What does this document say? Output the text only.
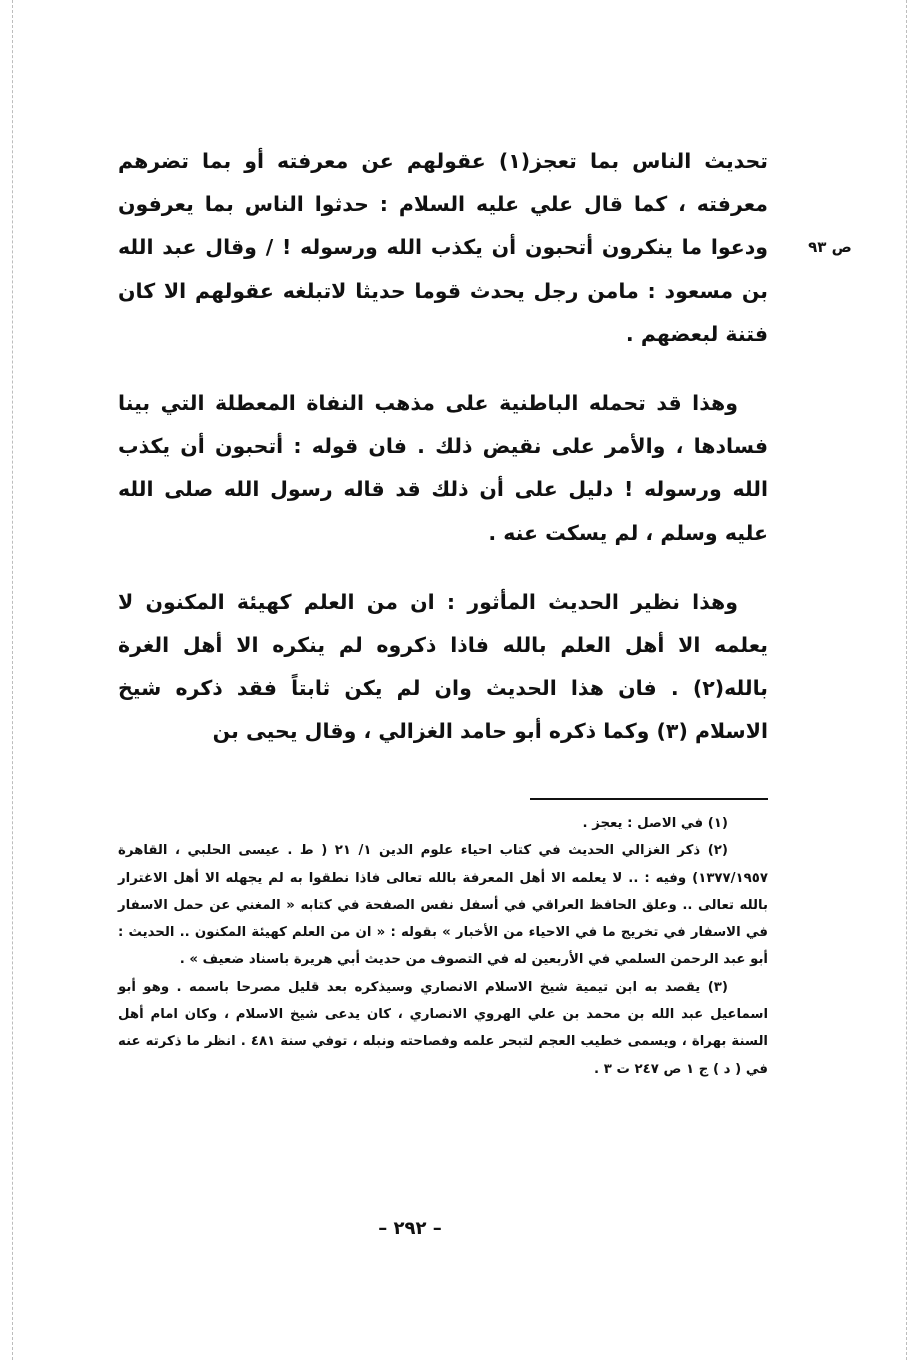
ص ٩٣

تحديث الناس بما تعجز(١) عقولهم عن معرفته أو بما تضرهم معرفته ، كما قال علي عليه السلام : حدثوا الناس بما يعرفون ودعوا ما ينكرون أتحبون أن يكذب الله ورسوله ! / وقال عبد الله بن مسعود : مامن رجل يحدث قوما حديثا لاتبلغه عقولهم الا كان فتنة لبعضهم .

وهذا قد تحمله الباطنية على مذهب النفاة المعطلة التي بينا فسادها ، والأمر على نقيض ذلك . فان قوله : أتحبون أن يكذب الله ورسوله ! دليل على أن ذلك قد قاله رسول الله صلى الله عليه وسلم ، لم يسكت عنه .

وهذا نظير الحديث المأثور : ان من العلم كهيئة المكنون لا يعلمه الا أهل العلم بالله فاذا ذكروه لم ينكره الا أهل الغرة بالله(٢) . فان هذا الحديث وان لم يكن ثابتاً فقد ذكره شيخ الاسلام (٣) وكما ذكره أبو حامد الغزالي ، وقال يحيى بن

(١) في الاصل : يعجز .

(٢) ذكر الغزالي الحديث في كتاب احياء علوم الدين ١/ ٢١ ( ط . عيسى الحلبي ، القاهرة ١٣٧٧/١٩٥٧) وفيه : .. لا يعلمه الا أهل المعرفة بالله تعالى فاذا نطقوا به لم يجهله الا أهل الاغترار بالله تعالى .. وعلق الحافظ العراقي في أسفل نفس الصفحة في كتابه « المغني عن حمل الاسفار في الاسفار في تخريج ما في الاحياء من الأخبار » بقوله : « ان من العلم كهيئة المكنون .. الحديث : أبو عبد الرحمن السلمي في الأربعين له في التصوف من حديث أبي هريرة باسناد ضعيف » .

(٣) يقصد به ابن تيمية شيخ الاسلام الانصاري وسيذكره بعد قليل مصرحا باسمه . وهو أبو اسماعيل عبد الله بن محمد بن علي الهروي الانصاري ، كان يدعى شيخ الاسلام ، وكان امام أهل السنة بهراة ، ويسمى خطيب العجم لتبحر علمه وفصاحته ونبله ، توفي سنة ٤٨١ . انظر ما ذكرته عنه في ( د ) ج ١ ص ٢٤٧ ت ٣ .

– ٢٩٢ –
